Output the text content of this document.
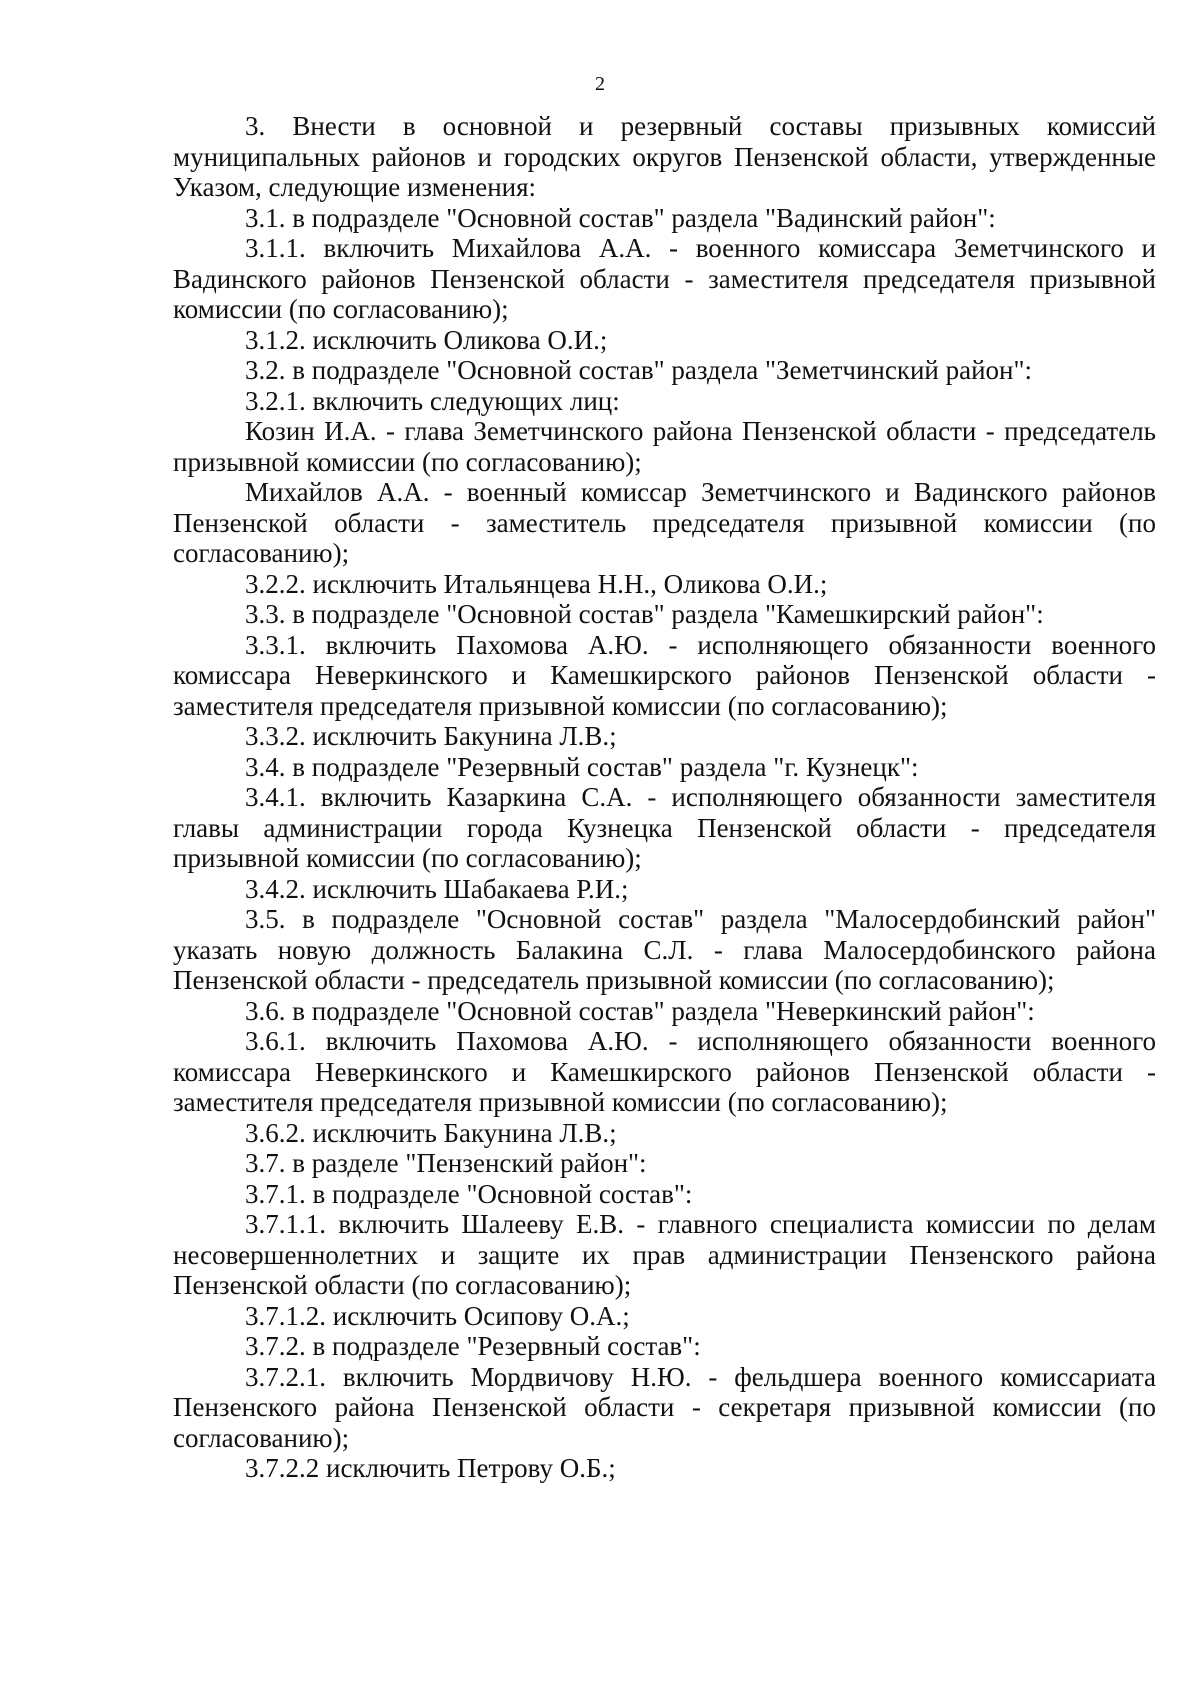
2

3. Внести в основной и резервный составы призывных комиссий муниципальных районов и городских округов Пензенской области, утвержденные Указом, следующие изменения:

3.1. в подразделе "Основной состав" раздела "Вадинский район":

3.1.1. включить Михайлова А.А. - военного комиссара Земетчинского и Вадинского районов Пензенской области - заместителя председателя призывной комиссии (по согласованию);

3.1.2. исключить Оликова О.И.;

3.2. в подразделе "Основной состав" раздела "Земетчинский район":

3.2.1. включить следующих лиц:

Козин И.А. - глава Земетчинского района Пензенской области - председатель призывной комиссии (по согласованию);

Михайлов А.А. - военный комиссар Земетчинского и Вадинского районов Пензенской области - заместитель председателя призывной комиссии (по согласованию);

3.2.2. исключить Итальянцева Н.Н., Оликова О.И.;

3.3. в подразделе "Основной состав" раздела "Камешкирский район":

3.3.1. включить Пахомова А.Ю. - исполняющего обязанности военного комиссара Неверкинского и Камешкирского районов Пензенской области - заместителя председателя призывной комиссии (по согласованию);

3.3.2. исключить Бакунина Л.В.;

3.4. в подразделе "Резервный состав" раздела "г. Кузнецк":

3.4.1. включить Казаркина С.А. - исполняющего обязанности заместителя главы администрации города Кузнецка Пензенской области - председателя призывной комиссии (по согласованию);

3.4.2. исключить Шабакаева Р.И.;

3.5. в подразделе "Основной состав" раздела "Малосердобинский район" указать новую должность Балакина С.Л. - глава Малосердобинского района Пензенской области - председатель призывной комиссии (по согласованию);

3.6. в подразделе "Основной состав" раздела "Неверкинский район":

3.6.1. включить Пахомова А.Ю. - исполняющего обязанности военного комиссара Неверкинского и Камешкирского районов Пензенской области - заместителя председателя призывной комиссии (по согласованию);

3.6.2. исключить Бакунина Л.В.;

3.7. в разделе "Пензенский район":

3.7.1. в подразделе "Основной состав":

3.7.1.1. включить Шалееву Е.В. - главного специалиста комиссии по делам несовершеннолетних и защите их прав администрации Пензенского района Пензенской области (по согласованию);

3.7.1.2. исключить Осипову О.А.;

3.7.2. в подразделе "Резервный состав":

3.7.2.1. включить Мордвичову Н.Ю. - фельдшера военного комиссариата Пензенского района Пензенской области - секретаря призывной комиссии (по согласованию);

3.7.2.2 исключить Петрову О.Б.;
